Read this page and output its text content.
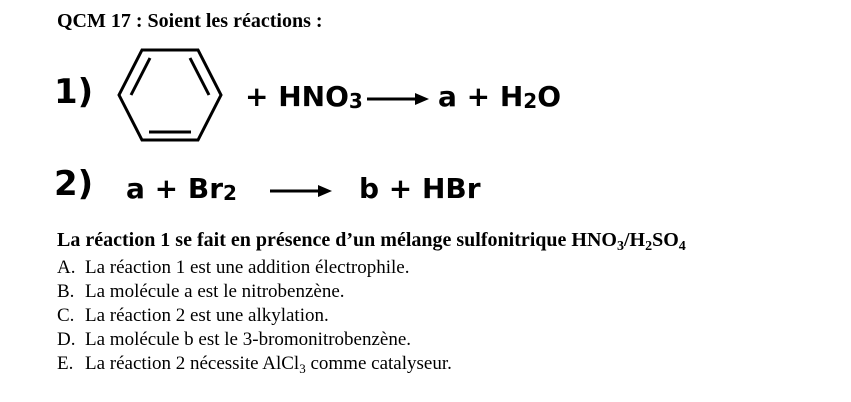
QCM 17 : Soient les réactions :
1)	+ $HNO_3 \to a + H_2O$
2) $a + Br_2$	b + HBr
La réaction 1 se fait en présence d’un mélange sulfonitrique $HNO_3/H_2SO_4$
A. La réaction 1 est une addition électrophile.
B. La molécule a est le nitrobenzène.
C. La réaction 2 est une alkylation.
D. La molécule b est le 3-bromonitrobenzène.
E. La réaction 2 nécessite AlCl$_3$ comme catalyseur.
